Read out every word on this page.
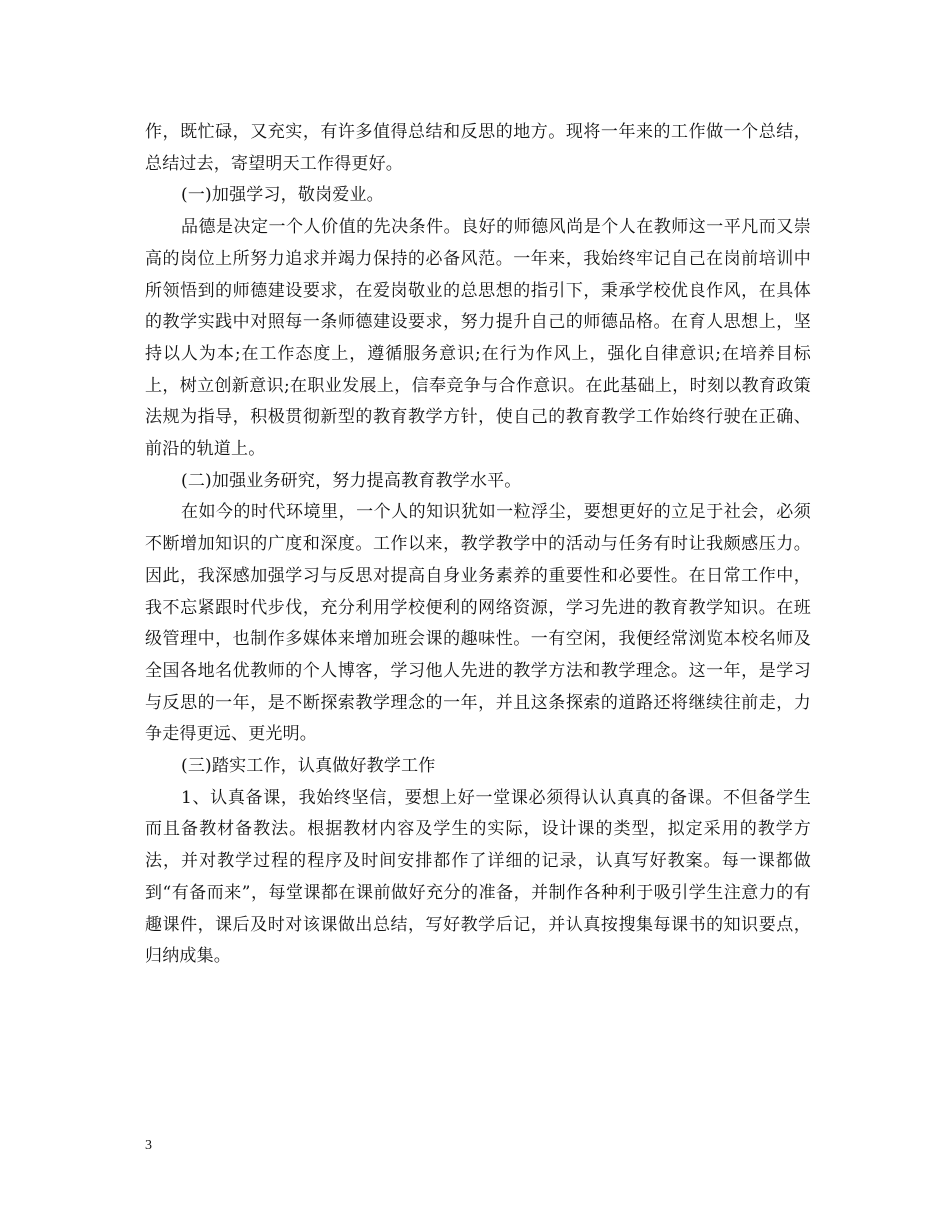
作，既忙碌，又充实，有许多值得总结和反思的地方。现将一年来的工作做一个总结，总结过去，寄望明天工作得更好。

(一)加强学习，敬岗爱业。

品德是决定一个人价值的先决条件。良好的师德风尚是个人在教师这一平凡而又崇高的岗位上所努力追求并竭力保持的必备风范。一年来，我始终牢记自己在岗前培训中所领悟到的师德建设要求，在爱岗敬业的总思想的指引下，秉承学校优良作风，在具体的教学实践中对照每一条师德建设要求，努力提升自己的师德品格。在育人思想上，坚持以人为本;在工作态度上，遵循服务意识;在行为作风上，强化自律意识;在培养目标上，树立创新意识;在职业发展上，信奉竞争与合作意识。在此基础上，时刻以教育政策法规为指导，积极贯彻新型的教育教学方针，使自己的教育教学工作始终行驶在正确、前沿的轨道上。

(二)加强业务研究，努力提高教育教学水平。

在如今的时代环境里，一个人的知识犹如一粒浮尘，要想更好的立足于社会，必须不断增加知识的广度和深度。工作以来，教学教学中的活动与任务有时让我颇感压力。因此，我深感加强学习与反思对提高自身业务素养的重要性和必要性。在日常工作中，我不忘紧跟时代步伐，充分利用学校便利的网络资源，学习先进的教育教学知识。在班级管理中，也制作多媒体来增加班会课的趣味性。一有空闲，我便经常浏览本校名师及全国各地名优教师的个人博客，学习他人先进的教学方法和教学理念。这一年，是学习与反思的一年，是不断探索教学理念的一年，并且这条探索的道路还将继续往前走，力争走得更远、更光明。

(三)踏实工作，认真做好教学工作

1、认真备课，我始终坚信，要想上好一堂课必须得认认真真的备课。不但备学生而且备教材备教法。根据教材内容及学生的实际，设计课的类型，拟定采用的教学方法，并对教学过程的程序及时间安排都作了详细的记录，认真写好教案。每一课都做到“有备而来”，每堂课都在课前做好充分的准备，并制作各种利于吸引学生注意力的有趣课件，课后及时对该课做出总结，写好教学后记，并认真按搜集每课书的知识要点，归纳成集。

3
